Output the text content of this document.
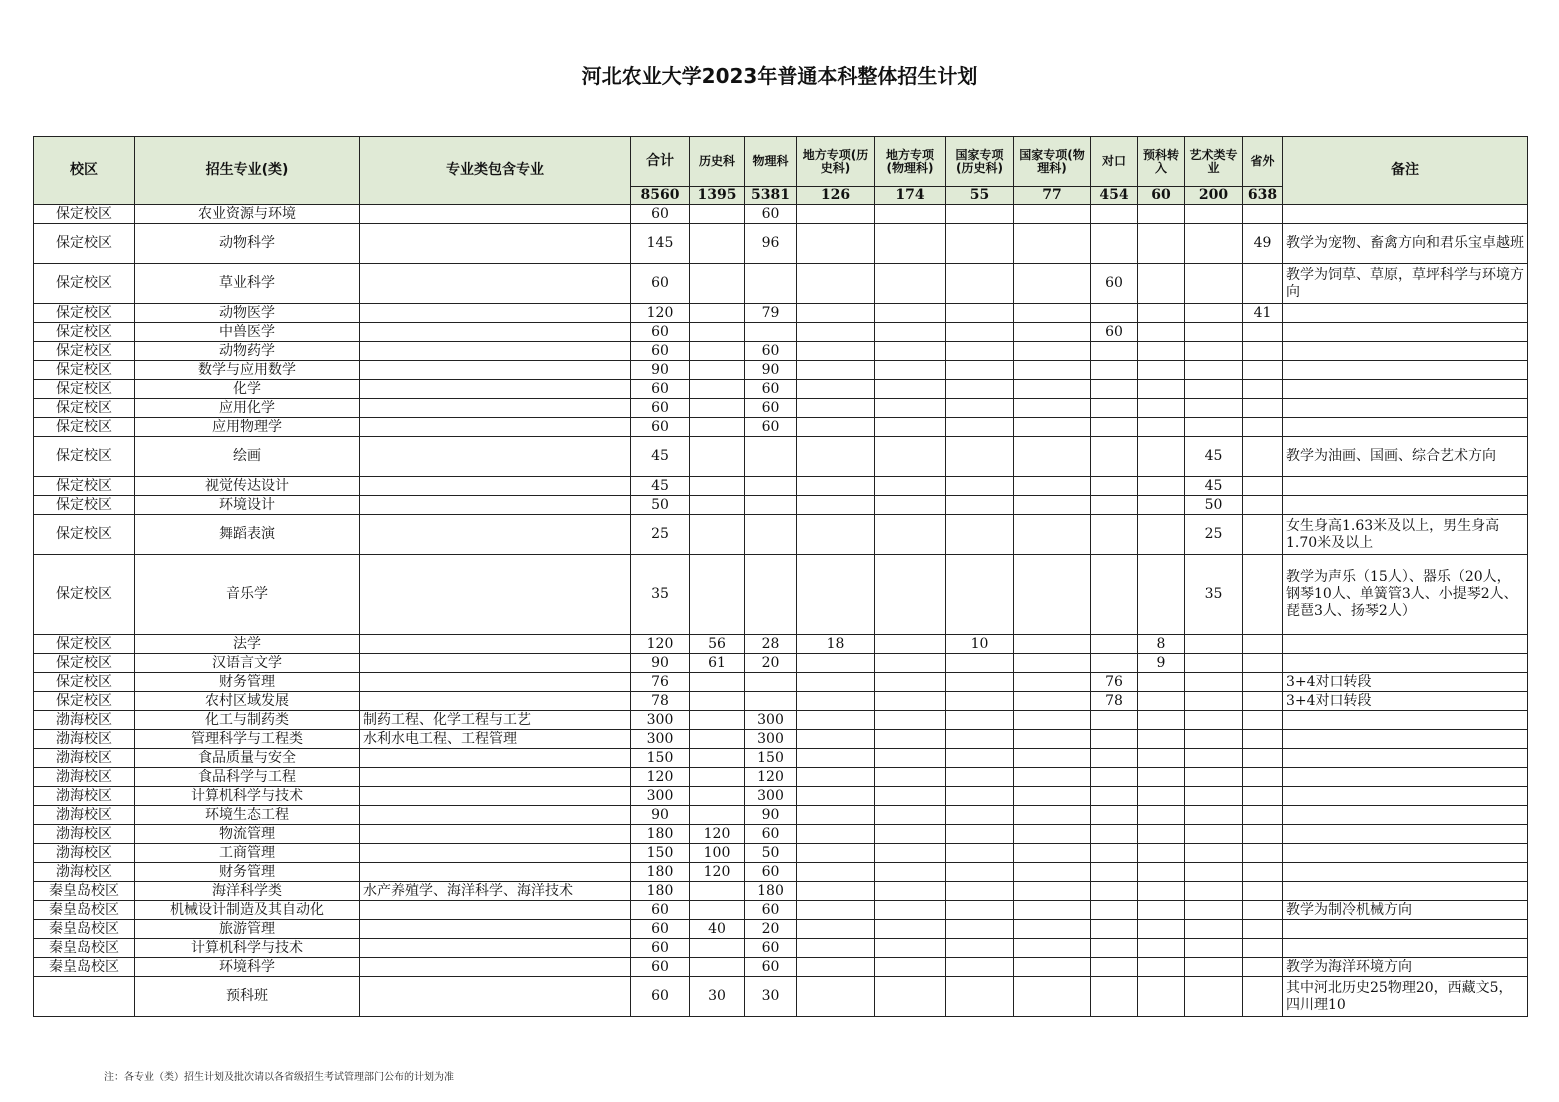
河北农业大学2023年普通本科整体招生计划
校区	招生专业(类)	专业类包含专业	合计	历史科	物理科	地方专项(历史科)	地方专项(物理科)	国家专项(历史科)	国家专项(物理科)	对口	预科转入	艺术类专业	省外	备注
			8560	1395	5381	126	174	55	77	454	60	200	638	
保定校区	农业资源与环境		60		60									
保定校区	动物科学		145		96								49	教学为宠物、畜禽方向和君乐宝卓越班
保定校区	草业科学		60							60				教学为饲草、草原，草坪科学与环境方向
保定校区	动物医学		120		79								41	
保定校区	中兽医学		60							60				
保定校区	动物药学		60		60									
保定校区	数学与应用数学		90		90									
保定校区	化学		60		60									
保定校区	应用化学		60		60									
保定校区	应用物理学		60		60									
保定校区	绘画		45									45		教学为油画、国画、综合艺术方向
保定校区	视觉传达设计		45									45		
保定校区	环境设计		50									50		
保定校区	舞蹈表演		25									25		女生身高1.63米及以上，男生身高1.70米及以上
保定校区	音乐学		35									35		教学为声乐（15人）、器乐（20人，钢琴10人、单簧管3人、小提琴2人、琵琶3人、扬琴2人）
保定校区	法学		120	56	28	18		10			8			
保定校区	汉语言文学		90	61	20						9			
保定校区	财务管理		76							76				3+4对口转段
保定校区	农村区域发展		78							78				3+4对口转段
渤海校区	化工与制药类	制药工程、化学工程与工艺	300		300									
渤海校区	管理科学与工程类	水利水电工程、工程管理	300		300									
渤海校区	食品质量与安全		150		150									
渤海校区	食品科学与工程		120		120									
渤海校区	计算机科学与技术		300		300									
渤海校区	环境生态工程		90		90									
渤海校区	物流管理		180	120	60									
渤海校区	工商管理		150	100	50									
渤海校区	财务管理		180	120	60									
秦皇岛校区	海洋科学类	水产养殖学、海洋科学、海洋技术	180		180									
秦皇岛校区	机械设计制造及其自动化		60		60									教学为制冷机械方向
秦皇岛校区	旅游管理		60	40	20									
秦皇岛校区	计算机科学与技术		60		60									
秦皇岛校区	环境科学		60		60									教学为海洋环境方向
	预科班		60	30	30									其中河北历史25物理20，西藏文5，四川理10
注：各专业（类）招生计划及批次请以各省级招生考试管理部门公布的计划为准
